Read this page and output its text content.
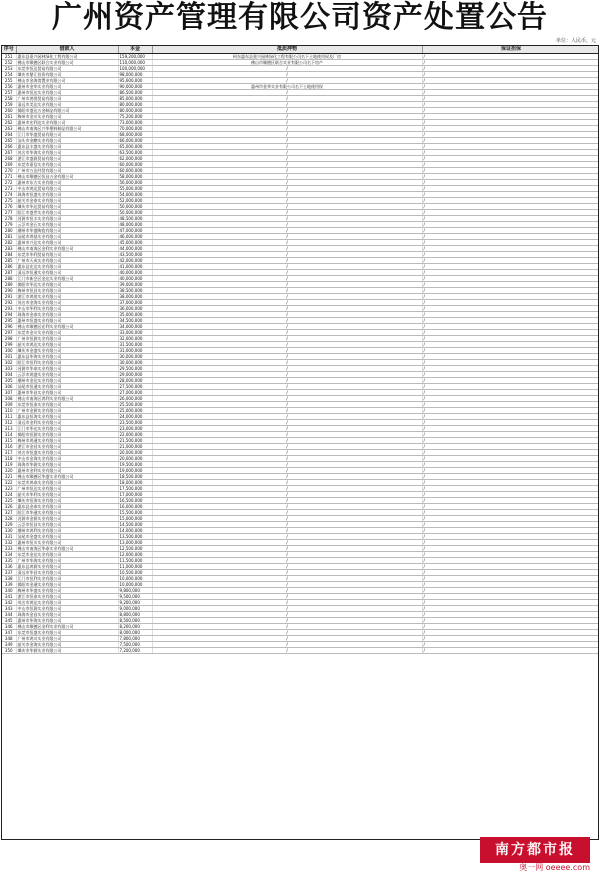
广州资产管理有限公司资产处置公告
单位：人民币，元
序号	借款人	本金	抵质押物	保证担保
251	惠东县嘉兴园林绿化工程有限公司	159,200,000	柯东惠东县嘉兴园林绿化工程有限公司名下土地使用权及厂房	/
252	佛山市顺德区联合实业有限公司	110,000,000	佛山市顺德区联合实业有限公司名下房产	/
253	东莞市恒达贸易有限公司	100,000,000	/	/
254	肇庆市鼎汇投资有限公司	98,000,000	/	/
255	佛山市金海湾置业有限公司	95,600,000	/	/
256	惠州市金华实业有限公司	90,000,000	惠州市金华实业有限公司名下土地使用权	/
257	惠州市恒达实业有限公司	86,500,000	/	/
258	广州市鸿图贸易有限公司	85,000,000	/	/
259	清远市美达实业有限公司	80,000,000	/	/
260	揭阳市盛达五金制品有限公司	80,000,000	/	/
261	梅州市金川实业有限公司	75,200,000	/	/
262	惠州市宏利达实业有限公司	73,000,000	/	/
263	佛山市南海区兴华塑料制品有限公司	70,000,000	/	/
264	江门市华盛贸易有限公司	68,000,000	/	/
265	汕头市金鹏实业有限公司	66,000,000	/	/
266	惠东县丰盛实业有限公司	65,000,000	/	/
267	茂名市华海实业有限公司	63,500,000	/	/
268	湛江市盛源贸易有限公司	62,000,000	/	/
269	东莞市嘉信实业有限公司	60,000,000	/	/
270	广州市万达经贸有限公司	60,000,000	/	/
271	佛山市顺德区恒昌五金有限公司	58,000,000	/	/
272	惠州市东方实业有限公司	56,000,000	/	/
273	中山市鸿达贸易有限公司	55,000,000	/	/
274	珠海市恒盛实业有限公司	54,000,000	/	/
275	韶关市金泰实业有限公司	52,000,000	/	/
276	肇庆市华达贸易有限公司	50,000,000	/	/
277	阳江市盛世实业有限公司	50,000,000	/	/
278	河源市恒丰实业有限公司	48,500,000	/	/
279	云浮市金石实业有限公司	48,000,000	/	/
280	潮州市华盛陶瓷有限公司	47,000,000	/	/
281	汕尾市鸿基实业有限公司	46,000,000	/	/
282	惠州市兴达实业有限公司	45,000,000	/	/
283	佛山市南海区金利实业有限公司	44,000,000	/	/
284	东莞市华利贸易有限公司	43,500,000	/	/
285	广州市天成实业有限公司	42,000,000	/	/
286	惠东县宏达实业有限公司	41,000,000	/	/
287	清远市恒通实业有限公司	40,000,000	/	/
288	江门市新会区金达实业有限公司	40,000,000	/	/
289	揭阳市华达实业有限公司	39,000,000	/	/
290	梅州市恒昌实业有限公司	38,500,000	/	/
291	湛江市鸿图实业有限公司	38,000,000	/	/
292	茂名市金海实业有限公司	37,000,000	/	/
293	中山市华利实业有限公司	36,000,000	/	/
294	珠海市金泰实业有限公司	35,000,000	/	/
295	惠州市恒盛实业有限公司	34,500,000	/	/
296	佛山市顺德区宏利实业有限公司	34,000,000	/	/
297	东莞市金川实业有限公司	33,000,000	/	/
298	广州市恒源实业有限公司	32,000,000	/	/
299	韶关市鸿达实业有限公司	31,500,000	/	/
300	肇庆市金盛实业有限公司	31,000,000	/	/
301	惠东县华海实业有限公司	30,000,000	/	/
302	阳江市恒利实业有限公司	30,000,000	/	/
303	河源市华泰实业有限公司	29,500,000	/	/
304	云浮市鸿盛实业有限公司	29,000,000	/	/
305	潮州市金达实业有限公司	28,000,000	/	/
306	汕尾市恒通实业有限公司	27,500,000	/	/
307	惠州市华昌实业有限公司	27,000,000	/	/
308	佛山市南海区鸿利实业有限公司	26,000,000	/	/
309	东莞市恒泰实业有限公司	25,500,000	/	/
310	广州市金源实业有限公司	25,000,000	/	/
311	惠东县恒海实业有限公司	24,000,000	/	/
312	清远市金利实业有限公司	23,500,000	/	/
313	江门市华达实业有限公司	23,000,000	/	/
314	揭阳市恒源实业有限公司	22,000,000	/	/
315	梅州市鸿通实业有限公司	21,500,000	/	/
316	湛江市金昌实业有限公司	21,000,000	/	/
317	茂名市恒盛实业有限公司	20,000,000	/	/
318	中山市金海实业有限公司	20,000,000	/	/
319	珠海市华源实业有限公司	19,500,000	/	/
320	惠州市金利实业有限公司	19,000,000	/	/
321	佛山市顺德区华盛实业有限公司	18,500,000	/	/
322	东莞市鸿泰实业有限公司	18,000,000	/	/
323	广州市恒达实业有限公司	17,500,000	/	/
324	韶关市华利实业有限公司	17,000,000	/	/
325	肇庆市恒海实业有限公司	16,500,000	/	/
326	惠东县金泰实业有限公司	16,000,000	/	/
327	阳江市华通实业有限公司	15,500,000	/	/
328	河源市金源实业有限公司	15,000,000	/	/
329	云浮市恒昌实业有限公司	14,500,000	/	/
330	潮州市鸿利实业有限公司	14,000,000	/	/
331	汕尾市金盛实业有限公司	13,500,000	/	/
332	惠州市恒川实业有限公司	13,000,000	/	/
333	佛山市南海区华泰实业有限公司	12,500,000	/	/
334	东莞市金达实业有限公司	12,000,000	/	/
335	广州市华海实业有限公司	11,500,000	/	/
336	惠东县鸿源实业有限公司	11,000,000	/	/
337	清远市华昌实业有限公司	10,500,000	/	/
338	江门市恒利实业有限公司	10,000,000	/	/
339	揭阳市金通实业有限公司	10,000,000	/	/
340	梅州市华盛实业有限公司	9,800,000	/	/
341	湛江市恒泰实业有限公司	9,500,000	/	/
342	茂名市鸿达实业有限公司	9,200,000	/	/
343	中山市恒源实业有限公司	9,000,000	/	/
344	珠海市金昌实业有限公司	8,800,000	/	/
345	惠州市华海实业有限公司	8,500,000	/	/
346	佛山市顺德区金利实业有限公司	8,200,000	/	/
347	东莞市恒盛实业有限公司	8,000,000	/	/
348	广州市鸿川实业有限公司	7,800,000	/	/
349	韶关市金海实业有限公司	7,500,000	/	/
350	肇庆市华源实业有限公司	7,200,000	/	/
南方都市报
奥一网 oeeee.com
